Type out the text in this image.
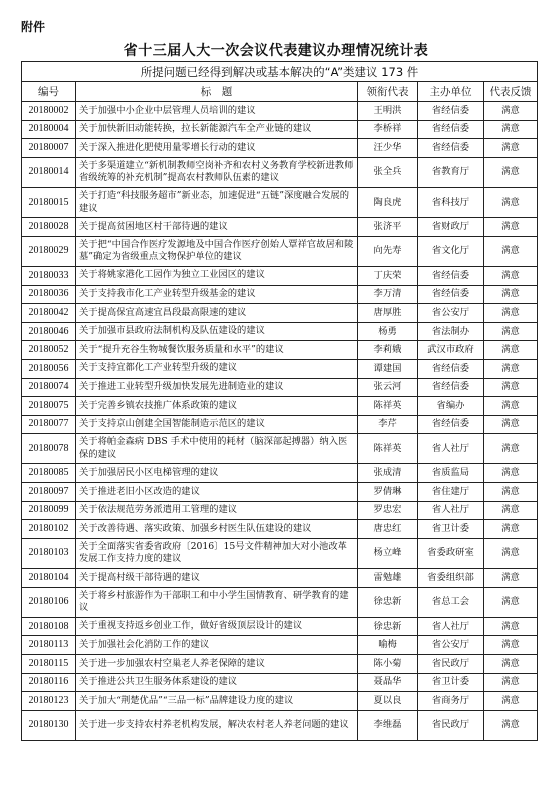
附件
省十三届人大一次会议代表建议办理情况统计表
所提问题已经得到解决或基本解决的“A”类建议 173 件				
编号	标　题	领衔代表	主办单位	代表反馈
20180002	关于加强中小企业中层管理人员培训的建议	王明洪	省经信委	满意
20180004	关于加快新旧动能转换，拉长新能源汽车全产业链的建议	李桥祥	省经信委	满意
20180007	关于深入推进化肥使用量零增长行动的建议	汪少华	省经信委	满意
20180014	关于多渠道建立“新机制教师空岗补齐和农村义务教育学校新进教师省级统筹的补充机制”提高农村教师队伍素的建议	张全兵	省教育厅	满意
20180015	关于打造“科技服务超市”新业态，加速促进“五链”深度融合发展的建议	陶良虎	省科技厅	满意
20180028	关于提高贫困地区村干部待遇的建议	张济平	省财政厅	满意
20180029	关于把“中国合作医疗发源地及中国合作医疗创始人覃祥官故居和陵墓”确定为省级重点文物保护单位的建议	向先寿	省文化厅	满意
20180033	关于将姚家港化工园作为独立工业园区的建议	丁庆荣	省经信委	满意
20180036	关于支持我市化工产业转型升级基金的建议	李万清	省经信委	满意
20180042	关于提高保宜高速宜昌段最高限速的建议	唐厚胜	省公安厅	满意
20180046	关于加强市县政府法制机构及队伍建设的建议	杨勇	省法制办	满意
20180052	关于“提升充谷生物城餐饮服务质量和水平”的建议	李莉娥	武汉市政府	满意
20180056	关于支持宜都化工产业转型升级的建议	谭建国	省经信委	满意
20180074	关于推进工业转型升级加快发展先进制造业的建议	张云河	省经信委	满意
20180075	关于完善乡镇农技推广体系政策的建议	陈祥英	省编办	满意
20180077	关于支持京山创建全国智能制造示范区的建议	李芹	省经信委	满意
20180078	关于将帕金森病 DBS 手术中使用的耗材（脑深部起搏器）纳入医保的建议	陈祥英	省人社厅	满意
20180085	关于加强居民小区电梯管理的建议	张成清	省质监局	满意
20180097	关于推进老旧小区改造的建议	罗倩琳	省住建厅	满意
20180099	关于依法规范劳务派遣用工管理的建议	罗忠宏	省人社厅	满意
20180102	关于改善待遇、落实政策、加强乡村医生队伍建设的建议	唐忠红	省卫计委	满意
20180103	关于全面落实省委省政府〔2016〕15号文件精神加大对小池改革发展工作支持力度的建议	杨立峰	省委政研室	满意
20180104	关于提高村级干部待遇的建议	雷勉雄	省委组织部	满意
20180106	关于将乡村旅游作为干部职工和中小学生国情教育、研学教育的建议	徐忠新	省总工会	满意
20180108	关于重视支持返乡创业工作，做好省级顶层设计的建议	徐忠新	省人社厅	满意
20180113	关于加强社会化消防工作的建议	喻梅	省公安厅	满意
20180115	关于进一步加强农村空巢老人养老保障的建议	陈小菊	省民政厅	满意
20180116	关于推进公共卫生服务体系建设的建议	聂晶华	省卫计委	满意
20180123	关于加大“荆楚优品”“三品一标”品牌建设力度的建议	夏以良	省商务厅	满意
20180130	关于进一步支持农村养老机构发展，解决农村老人养老问题的建议	李维磊	省民政厅	满意
